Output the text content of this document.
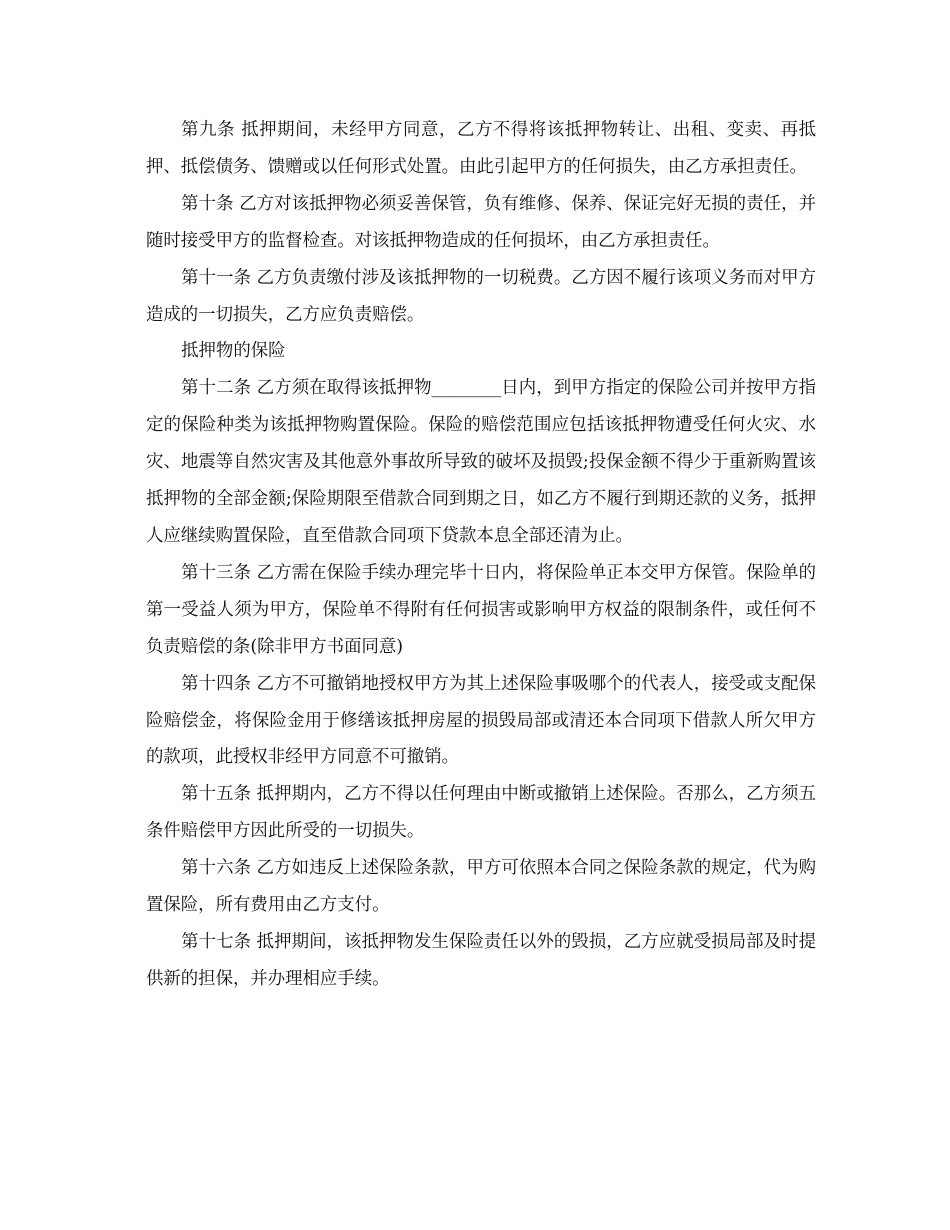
第九条 抵押期间，未经甲方同意，乙方不得将该抵押物转让、出租、变卖、再抵押、抵偿债务、馈赠或以任何形式处置。由此引起甲方的任何损失，由乙方承担责任。

第十条 乙方对该抵押物必须妥善保管，负有维修、保养、保证完好无损的责任，并随时接受甲方的监督检查。对该抵押物造成的任何损坏，由乙方承担责任。

第十一条 乙方负责缴付涉及该抵押物的一切税费。乙方因不履行该项义务而对甲方造成的一切损失，乙方应负责赔偿。

抵押物的保险

第十二条 乙方须在取得该抵押物________日内，到甲方指定的保险公司并按甲方指定的保险种类为该抵押物购置保险。保险的赔偿范围应包括该抵押物遭受任何火灾、水灾、地震等自然灾害及其他意外事故所导致的破坏及损毁;投保金额不得少于重新购置该抵押物的全部金额;保险期限至借款合同到期之日，如乙方不履行到期还款的义务，抵押人应继续购置保险，直至借款合同项下贷款本息全部还清为止。

第十三条 乙方需在保险手续办理完毕十日内，将保险单正本交甲方保管。保险单的第一受益人须为甲方，保险单不得附有任何损害或影响甲方权益的限制条件，或任何不负责赔偿的条(除非甲方书面同意)

第十四条 乙方不可撤销地授权甲方为其上述保险事吸哪个的代表人，接受或支配保险赔偿金，将保险金用于修缮该抵押房屋的损毁局部或清还本合同项下借款人所欠甲方的款项，此授权非经甲方同意不可撤销。

第十五条 抵押期内，乙方不得以任何理由中断或撤销上述保险。否那么，乙方须五条件赔偿甲方因此所受的一切损失。

第十六条 乙方如违反上述保险条款，甲方可依照本合同之保险条款的规定，代为购置保险，所有费用由乙方支付。

第十七条 抵押期间，该抵押物发生保险责任以外的毁损，乙方应就受损局部及时提供新的担保，并办理相应手续。
